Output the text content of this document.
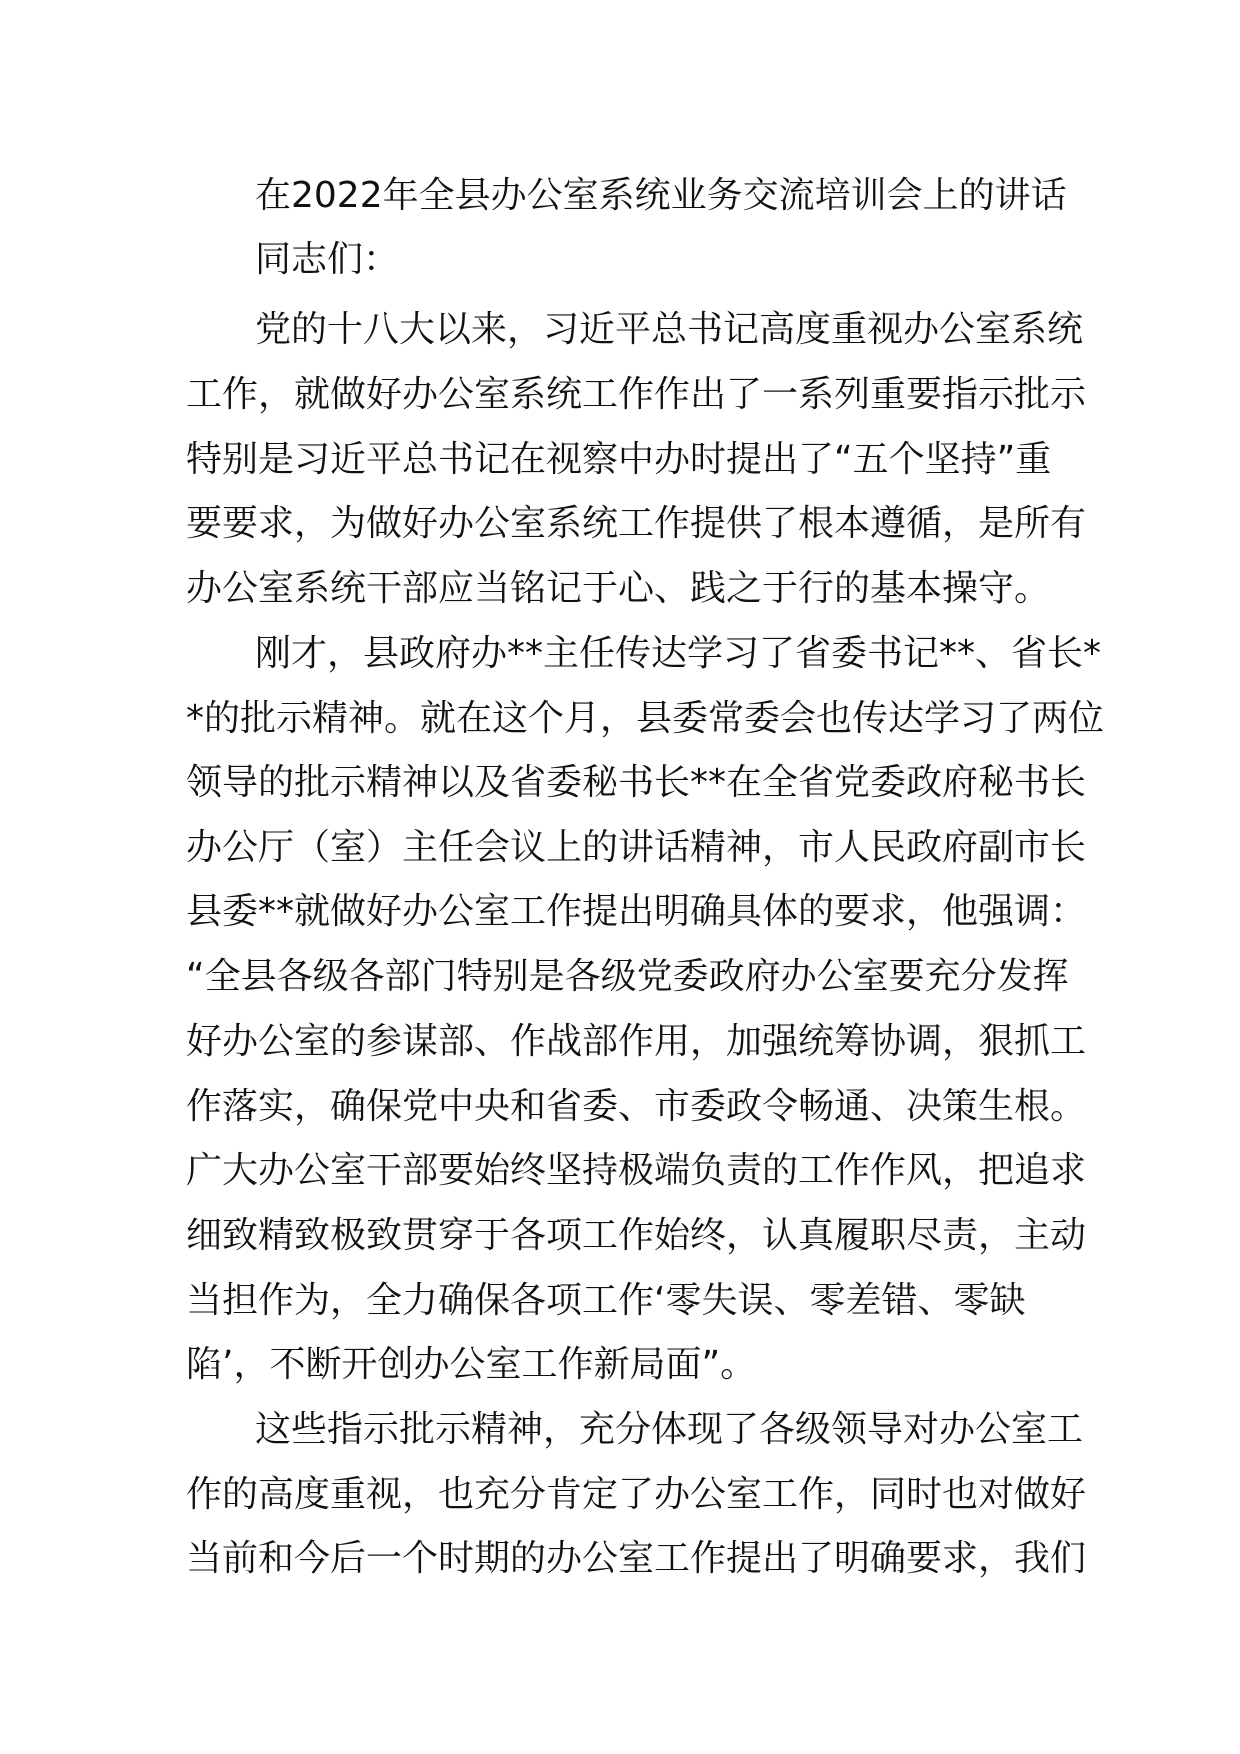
在2022年全县办公室系统业务交流培训会上的讲话
同志们：
党的十八大以来，习近平总书记高度重视办公室系统
工作，就做好办公室系统工作作出了一系列重要指示批示
特别是习近平总书记在视察中办时提出了“五个坚持”重
要要求，为做好办公室系统工作提供了根本遵循，是所有
办公室系统干部应当铭记于心、践之于行的基本操守。
刚才，县政府办**主任传达学习了省委书记**、省长*
*的批示精神。就在这个月，县委常委会也传达学习了两位
领导的批示精神以及省委秘书长**在全省党委政府秘书长
办公厅（室）主任会议上的讲话精神，市人民政府副市长
县委**就做好办公室工作提出明确具体的要求，他强调：
“全县各级各部门特别是各级党委政府办公室要充分发挥
好办公室的参谋部、作战部作用，加强统筹协调，狠抓工
作落实，确保党中央和省委、市委政令畅通、决策生根。
广大办公室干部要始终坚持极端负责的工作作风，把追求
细致精致极致贯穿于各项工作始终，认真履职尽责，主动
当担作为，全力确保各项工作‘零失误、零差错、零缺
陷’，不断开创办公室工作新局面”。
这些指示批示精神，充分体现了各级领导对办公室工
作的高度重视，也充分肯定了办公室工作，同时也对做好
当前和今后一个时期的办公室工作提出了明确要求，我们
